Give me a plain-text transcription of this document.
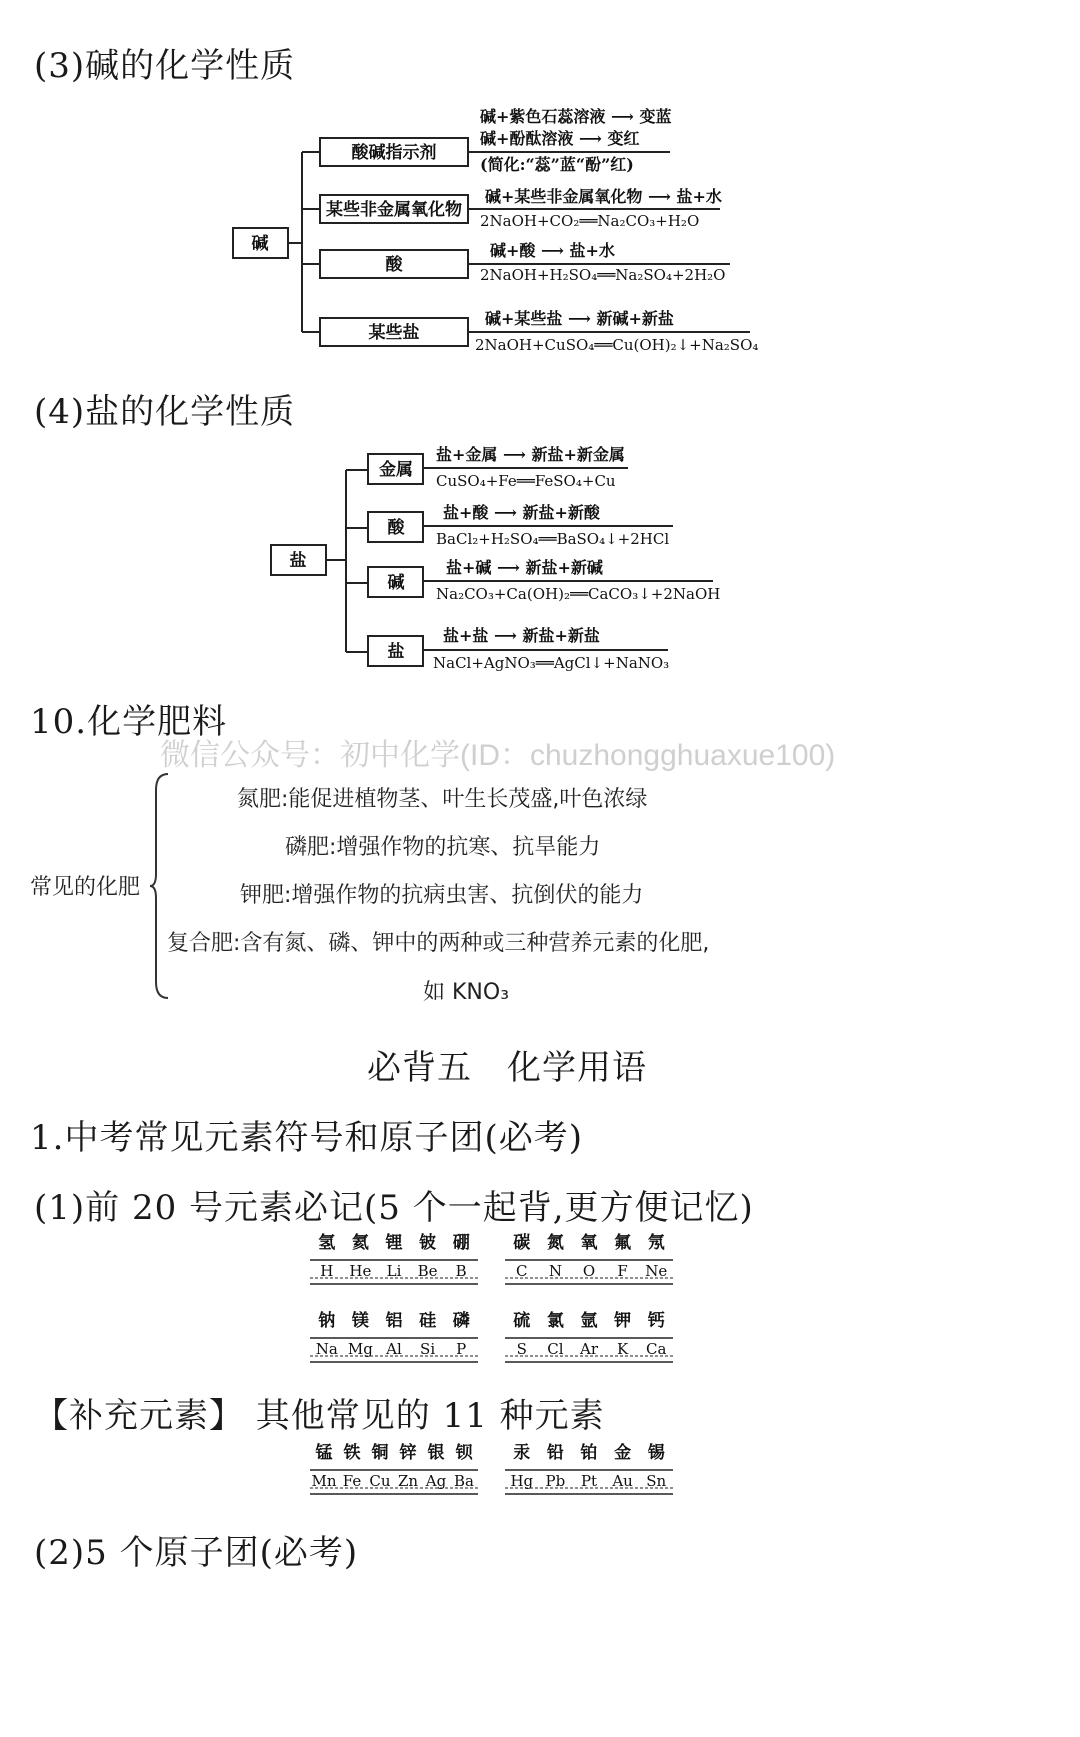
(3)碱的化学性质
碱
酸碱指示剂
某些非金属氧化物
酸
某些盐
碱+紫色石蕊溶液 ⟶ 变蓝
碱+酚酞溶液 ⟶ 变红
(简化:“蕊”蓝“酚”红)
碱+某些非金属氧化物 ⟶ 盐+水
2NaOH+CO₂══Na₂CO₃+H₂O
碱+酸 ⟶ 盐+水
2NaOH+H₂SO₄══Na₂SO₄+2H₂O
碱+某些盐 ⟶ 新碱+新盐
2NaOH+CuSO₄══Cu(OH)₂↓+Na₂SO₄
(4)盐的化学性质
盐
金属
酸
碱
盐
盐+金属 ⟶ 新盐+新金属
CuSO₄+Fe══FeSO₄+Cu
盐+酸 ⟶ 新盐+新酸
BaCl₂+H₂SO₄══BaSO₄↓+2HCl
盐+碱 ⟶ 新盐+新碱
Na₂CO₃+Ca(OH)₂══CaCO₃↓+2NaOH
盐+盐 ⟶ 新盐+新盐
NaCl+AgNO₃══AgCl↓+NaNO₃
10.化学肥料
微信公众号：初中化学(ID：chuzhongghuaxue100)
常见的化肥
氮肥:能促进植物茎、叶生长茂盛,叶色浓绿
磷肥:增强作物的抗寒、抗旱能力
钾肥:增强作物的抗病虫害、抗倒伏的能力
复合肥:含有氮、磷、钾中的两种或三种营养元素的化肥,
如 KNO₃
必背五　化学用语
1.中考常见元素符号和原子团(必考)
(1)前 20 号元素必记(5 个一起背,更方便记忆)
氢 氦 锂 铍 硼
H He Li Be B
碳 氮 氧 氟 氖
C N O F Ne
钠 镁 铝 硅 磷
Na Mg Al Si P
硫 氯 氩 钾 钙
S Cl Ar K Ca
【补充元素】 其他常见的 11 种元素
锰 铁 铜 锌 银 钡
Mn Fe Cu Zn Ag Ba
汞 铅 铂 金 锡
Hg Pb Pt Au Sn
(2)5 个原子团(必考)
